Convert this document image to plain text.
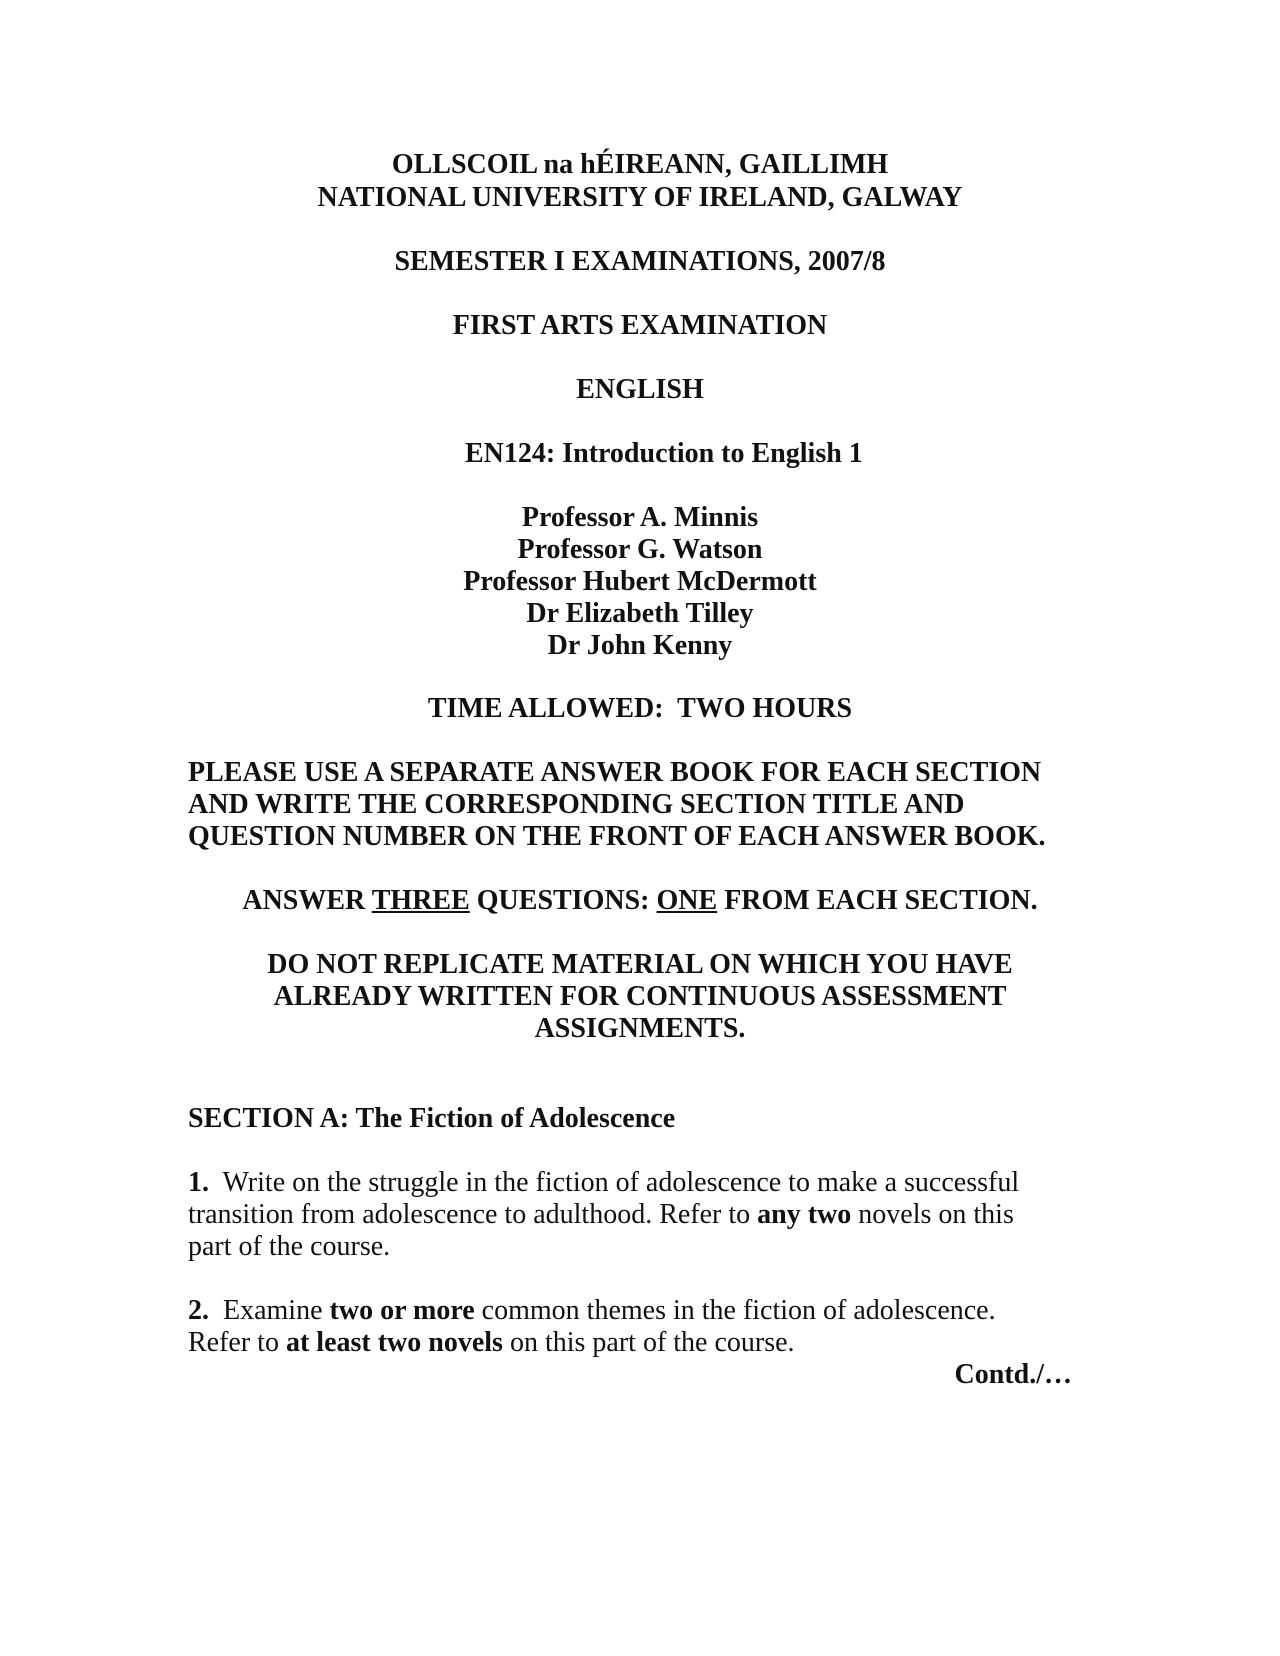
OLLSCOIL na hÉIREANN, GAILLIMH
NATIONAL UNIVERSITY OF IRELAND, GALWAY
SEMESTER I EXAMINATIONS, 2007/8
FIRST ARTS EXAMINATION
ENGLISH
EN124: Introduction to English 1
Professor A. Minnis
Professor G. Watson
Professor Hubert McDermott
Dr Elizabeth Tilley
Dr John Kenny
TIME ALLOWED:  TWO HOURS
PLEASE USE A SEPARATE ANSWER BOOK FOR EACH SECTION
AND WRITE THE CORRESPONDING SECTION TITLE AND
QUESTION NUMBER ON THE FRONT OF EACH ANSWER BOOK.
ANSWER THREE QUESTIONS: ONE FROM EACH SECTION.
DO NOT REPLICATE MATERIAL ON WHICH YOU HAVE
ALREADY WRITTEN FOR CONTINUOUS ASSESSMENT
ASSIGNMENTS.
SECTION A: The Fiction of Adolescence
1. Write on the struggle in the fiction of adolescence to make a successful
transition from adolescence to adulthood. Refer to any two novels on this
part of the course.
2. Examine two or more common themes in the fiction of adolescence.
Refer to at least two novels on this part of the course.
Contd./…
